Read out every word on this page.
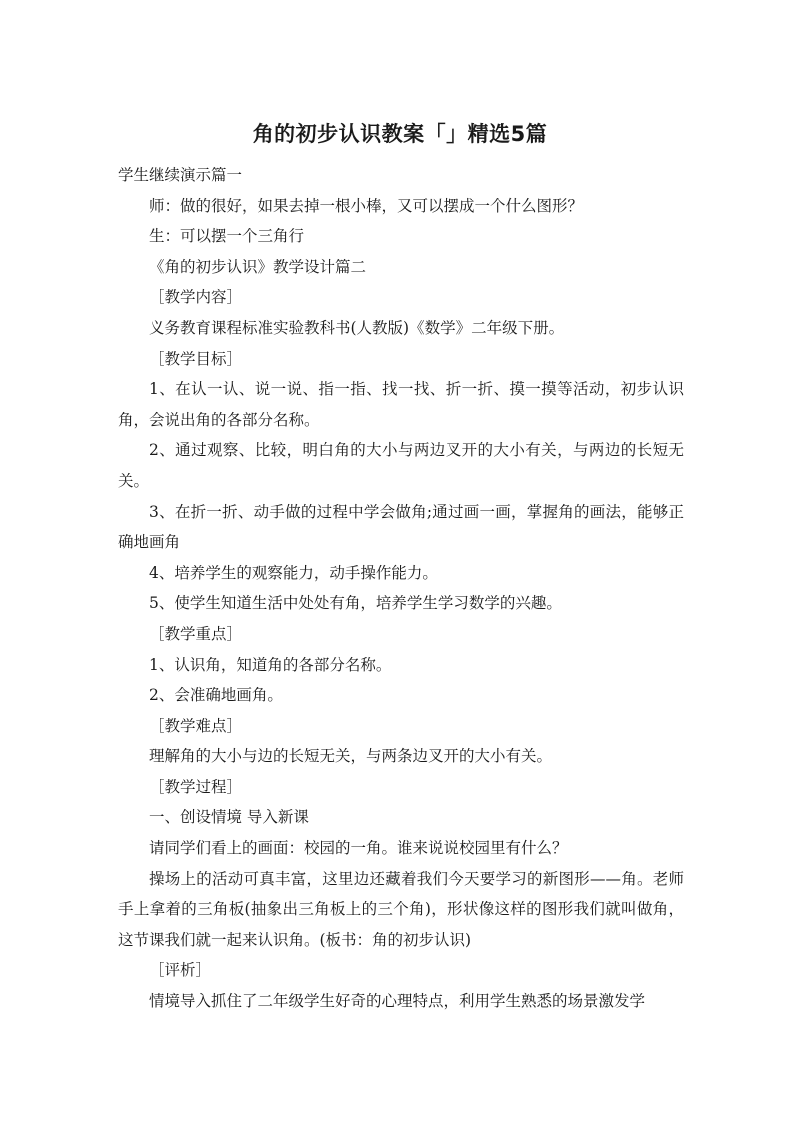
角的初步认识教案「」精选5篇

学生继续演示篇一

师：做的很好，如果去掉一根小棒，又可以摆成一个什么图形？

生：可以摆一个三角行

《角的初步认识》教学设计篇二

［教学内容］

义务教育课程标准实验教科书(人教版)《数学》二年级下册。

［教学目标］

1、在认一认、说一说、指一指、找一找、折一折、摸一摸等活动，初步认识角，会说出角的各部分名称。

2、通过观察、比较，明白角的大小与两边叉开的大小有关，与两边的长短无关。

3、在折一折、动手做的过程中学会做角;通过画一画，掌握角的画法，能够正确地画角

4、培养学生的观察能力，动手操作能力。

5、使学生知道生活中处处有角，培养学生学习数学的兴趣。

［教学重点］

1、认识角，知道角的各部分名称。

2、会准确地画角。

［教学难点］

理解角的大小与边的长短无关，与两条边叉开的大小有关。

［教学过程］

一、创设情境 导入新课

请同学们看上的画面：校园的一角。谁来说说校园里有什么？

操场上的活动可真丰富，这里边还藏着我们今天要学习的新图形——角。老师手上拿着的三角板(抽象出三角板上的三个角)，形状像这样的图形我们就叫做角，这节课我们就一起来认识角。(板书：角的初步认识)

［评析］

情境导入抓住了二年级学生好奇的心理特点，利用学生熟悉的场景激发学
